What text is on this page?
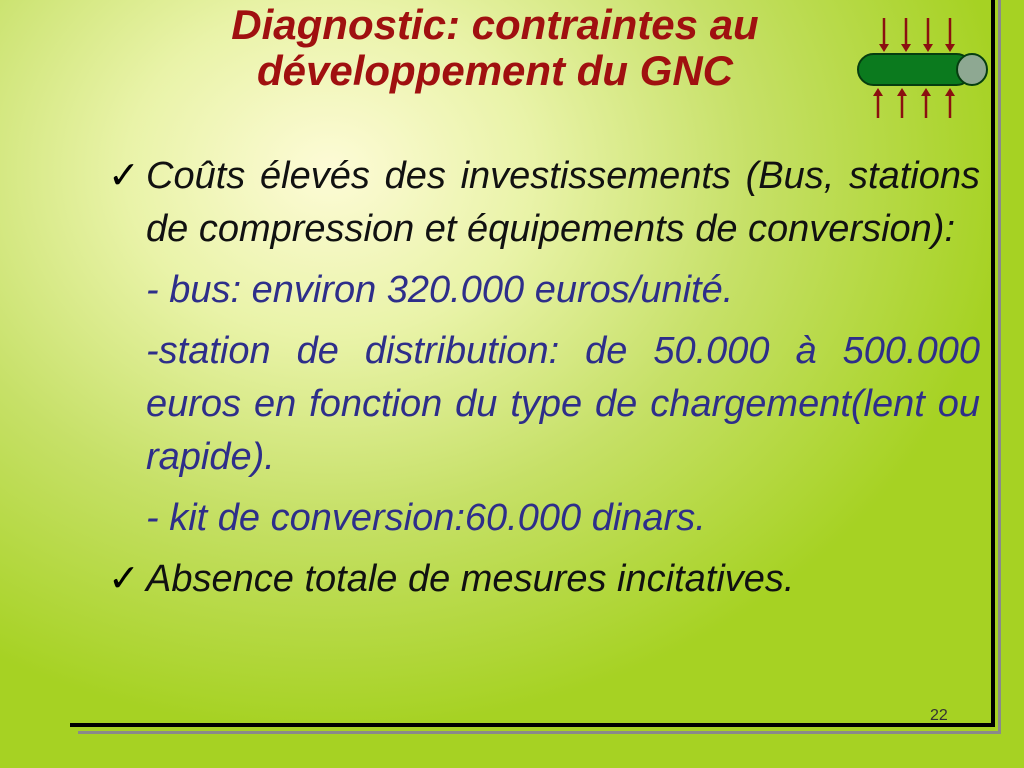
Diagnostic: contraintes au
développement du GNC
✓ Coûts élevés des investissements (Bus, stations de compression et équipements de conversion):
- bus: environ 320.000 euros/unité.
-station de distribution: de 50.000 à 500.000 euros en fonction du type de chargement(lent ou rapide).
- kit de conversion:60.000 dinars.
✓ Absence totale de mesures incitatives.
22
